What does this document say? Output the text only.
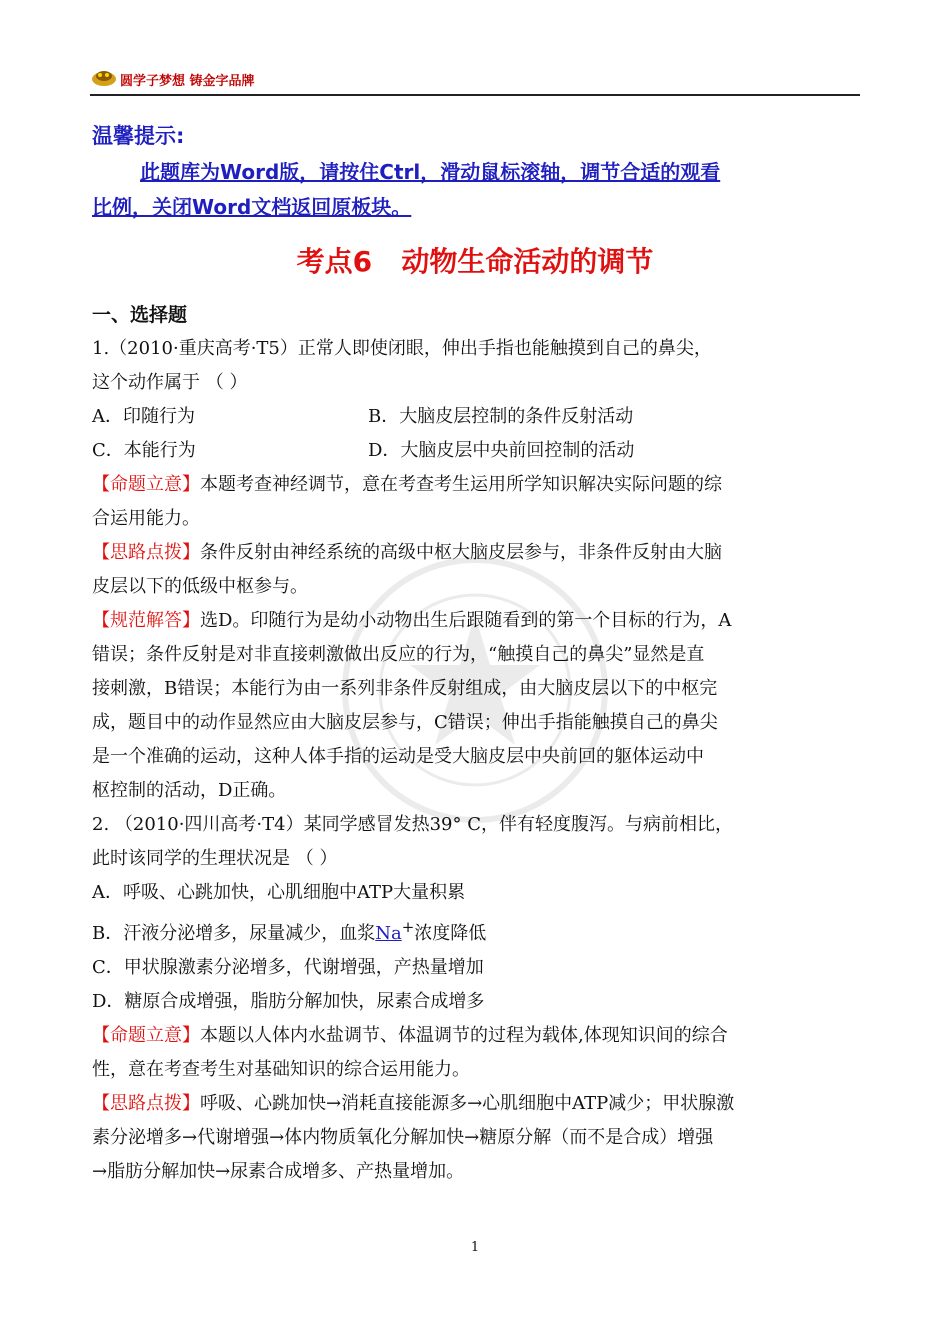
圆学子梦想 铸金字品牌
温馨提示:
此题库为Word版，请按住Ctrl，滑动鼠标滚轴，调节合适的观看
比例，关闭Word文档返回原板块。
考点6   动物生命活动的调节

一、选择题

1.（2010·重庆高考·T5）正常人即使闭眼，伸出手指也能触摸到自己的鼻尖，

这个动作属于 （ ）

A．印随行为	B．大脑皮层控制的条件反射活动
C．本能行为	D．大脑皮层中央前回控制的活动

【命题立意】本题考查神经调节，意在考查考生运用所学知识解决实际问题的综

合运用能力。

【思路点拨】条件反射由神经系统的高级中枢大脑皮层参与，非条件反射由大脑

皮层以下的低级中枢参与。

【规范解答】选D。印随行为是幼小动物出生后跟随看到的第一个目标的行为，A

错误；条件反射是对非直接刺激做出反应的行为，“触摸自己的鼻尖”显然是直

接刺激，B错误；本能行为由一系列非条件反射组成，由大脑皮层以下的中枢完

成，题目中的动作显然应由大脑皮层参与，C错误；伸出手指能触摸自己的鼻尖

是一个准确的运动，这种人体手指的运动是受大脑皮层中央前回的躯体运动中

枢控制的活动，D正确。

2. （2010·四川高考·T4）某同学感冒发热39° C，伴有轻度腹泻。与病前相比，

此时该同学的生理状况是 （ ）

A．呼吸、心跳加快，心肌细胞中ATP大量积累

B．汗液分泌增多，尿量减少，血浆Na+浓度降低

C．甲状腺激素分泌增多，代谢增强，产热量增加

D．糖原合成增强，脂肪分解加快，尿素合成增多

【命题立意】本题以人体内水盐调节、体温调节的过程为载体,体现知识间的综合

性，意在考查考生对基础知识的综合运用能力。

【思路点拨】呼吸、心跳加快→消耗直接能源多→心肌细胞中ATP减少；甲状腺激

素分泌增多→代谢增强→体内物质氧化分解加快→糖原分解（而不是合成）增强

→脂肪分解加快→尿素合成增多、产热量增加。

1
